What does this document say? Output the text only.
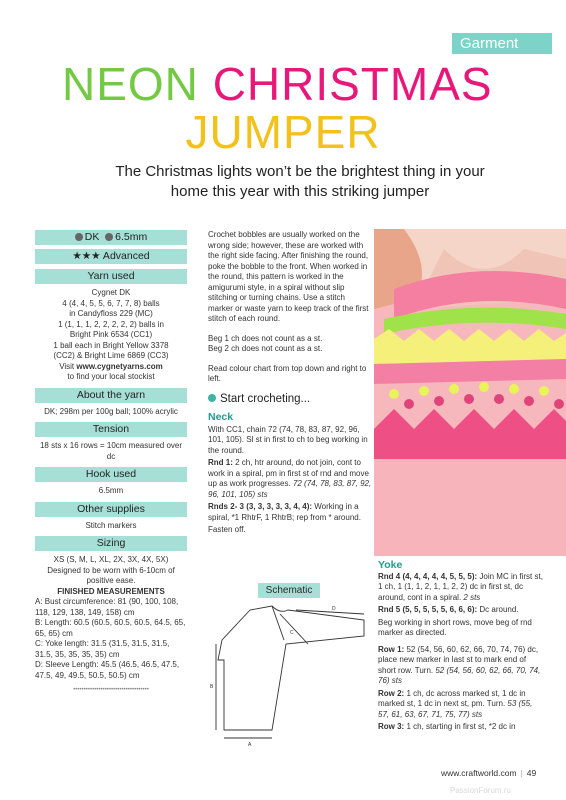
Garment
NEON CHRISTMAS
JUMPER
The Christmas lights won’t be the brightest thing in your home this year with this striking jumper
DK 6.5mm
★★★ Advanced
Yarn used
Cygnet DK
4 (4, 4, 5, 5, 6, 7, 7, 8) balls
in Candyfloss 229 (MC)
1 (1, 1, 1, 2, 2, 2, 2, 2) balls in
Bright Pink 6534 (CC1)
1 ball each in Bright Yellow 3378
(CC2) & Bright Lime 6869 (CC3)
Visit www.cygnetyarns.com
to find your local stockist
About the yarn
DK; 298m per 100g ball; 100% acrylic
Tension
18 sts x 16 rows = 10cm measured over dc
Hook used
6.5mm
Other supplies
Stitch markers
Sizing
XS (S, M, L, XL, 2X, 3X, 4X, 5X)
Designed to be worn with 6-10cm of
positive ease.
FINISHED MEASUREMENTS
A: Bust circumference: 81 (90, 100, 108, 118, 129, 138, 149, 158) cm
B: Length: 60.5 (60.5, 60.5, 60.5, 64.5, 65, 65, 65) cm
C: Yoke length: 31.5 (31.5, 31.5, 31.5, 31.5, 35, 35, 35, 35) cm
D: Sleeve Length: 45.5 (46.5, 46.5, 47.5, 47.5, 49, 49.5, 50.5, 50.5) cm
••••••••••••••••••••••••••••••••••••

Crochet bobbles are usually worked on the wrong side; however, these are worked with the right side facing. After finishing the round, poke the bobble to the front. When worked in the round, this pattern is worked in the amigurumi style, in a spiral without slip stitching or turning chains. Use a stitch marker or waste yarn to keep track of the first stitch of each round.

Beg 1 ch does not count as a st.

Beg 2 ch does not count as a st.

Read colour chart from top down and right to left.

Start crocheting...
Neck
With CC1, chain 72 (74, 78, 83, 87, 92, 96, 101, 105). Sl st in first to ch to beg working in the round.
Rnd 1: 2 ch, htr around, do not join, cont to work in a spiral, pm in first st of rnd and move up as work progresses. 72 (74, 78, 83, 87, 92, 96, 101, 105) sts
Rnds 2- 3 (3, 3, 3, 3, 3, 4, 4): Working in a spiral, *1 RhtrF, 1 RhtrB; rep from * around.
Fasten off.
Schematic
A
B
C
D
Yoke
Rnd 4 (4, 4, 4, 4, 4, 5, 5, 5): Join MC in first st, 1 ch, 1 (1, 1, 2, 1, 1, 2, 2) dc in first st, dc around, cont in a spiral. 2 sts

Rnd 5 (5, 5, 5, 5, 5, 6, 6, 6): Dc around.

Beg working in short rows, move beg of rnd marker as directed.

Row 1: 52 (54, 56, 60, 62, 66, 70, 74, 76) dc, place new marker in last st to mark end of short row. Turn. 52 (54, 56, 60, 62, 66, 70, 74, 76) sts
Row 2: 1 ch, dc across marked st, 1 dc in marked st, 1 dc in next st, pm. Turn. 53 (55, 57, 61, 63, 67, 71, 75, 77) sts
Row 3: 1 ch, starting in first st, *2 dc in
www.craftworld.com | 49
PassionForum.ru
